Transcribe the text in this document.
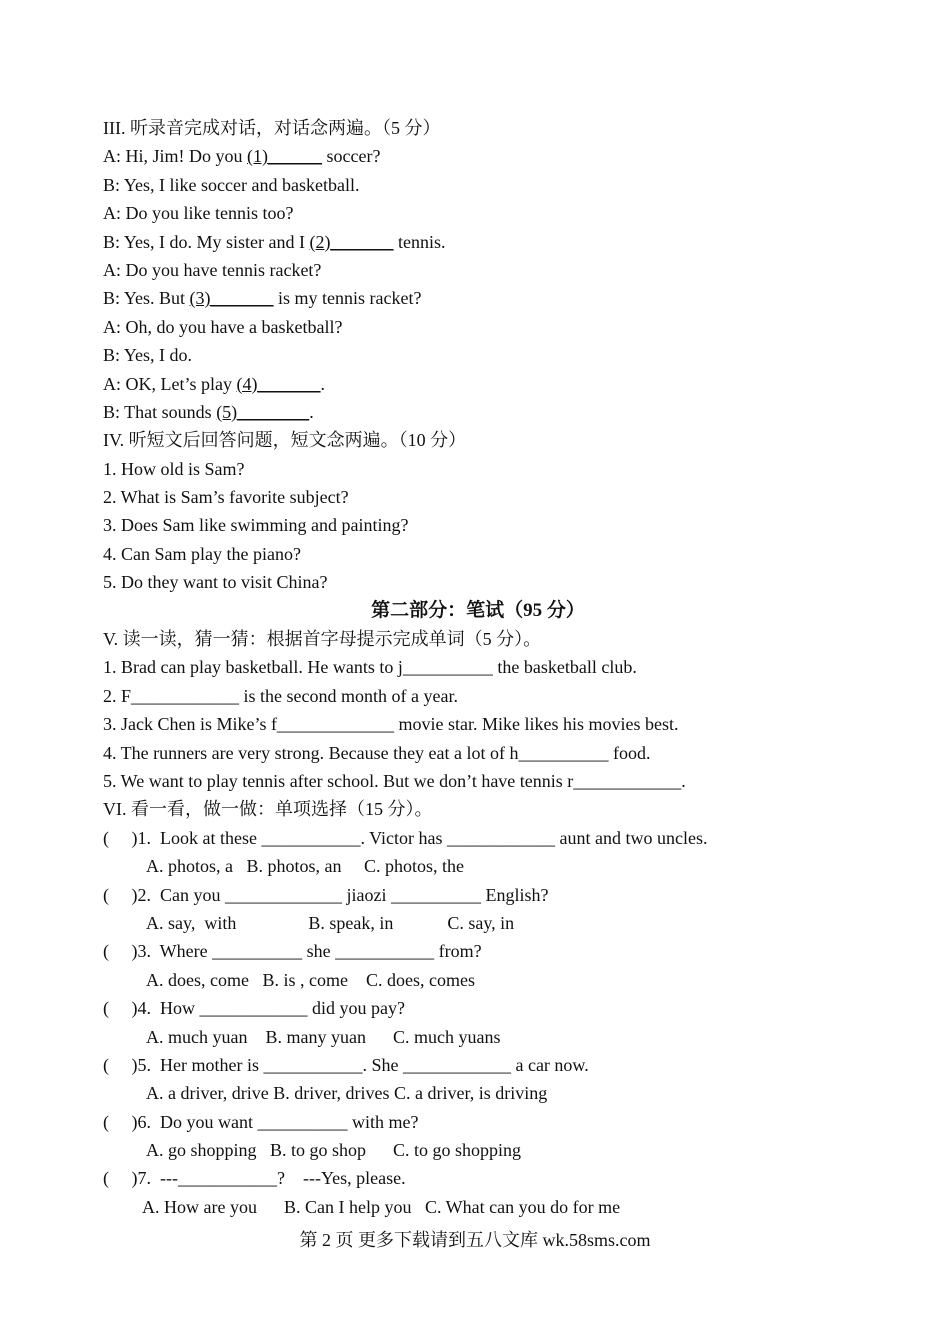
III. 听录音完成对话，对话念两遍。（5 分）
A: Hi, Jim! Do you (1)______ soccer?
B: Yes, I like soccer and basketball.
A: Do you like tennis too?
B: Yes, I do. My sister and I (2)_______ tennis.
A: Do you have tennis racket?
B: Yes. But (3)_______ is my tennis racket?
A: Oh, do you have a basketball?
B: Yes, I do.
A: OK, Let’s play (4)_______.
B: That sounds (5)________.
IV. 听短文后回答问题，短文念两遍。（10 分）
1. How old is Sam?
2. What is Sam’s favorite subject?
3. Does Sam like swimming and painting?
4. Can Sam play the piano?
5. Do they want to visit China?
第二部分：笔试（95 分）
V. 读一读，猜一猜：根据首字母提示完成单词（5 分）。
1. Brad can play basketball. He wants to j__________ the basketball club.
2. F____________ is the second month of a year.
3. Jack Chen is Mike’s f_____________ movie star. Mike likes his movies best.
4. The runners are very strong. Because they eat a lot of h__________ food.
5. We want to play tennis after school. But we don’t have tennis r____________.
VI. 看一看，做一做：单项选择（15 分）。
(     )1.  Look at these ___________. Victor has ____________ aunt and two uncles.
A. photos, a   B. photos, an     C. photos, the
(     )2.  Can you _____________ jiaozi __________ English?
A. say,  with                B. speak, in            C. say, in
(     )3.  Where __________ she ___________ from?
A. does, come   B. is , come    C. does, comes
(     )4.  How ____________ did you pay?
A. much yuan    B. many yuan      C. much yuans
(     )5.  Her mother is ___________. She ____________ a car now.
A. a driver, drive B. driver, drives C. a driver, is driving
(     )6.  Do you want __________ with me?
A. go shopping   B. to go shop      C. to go shopping
(     )7.  ---___________?    ---Yes, please.
A. How are you      B. Can I help you   C. What can you do for me
第 2 页 更多下载请到五八文库 wk.58sms.com
